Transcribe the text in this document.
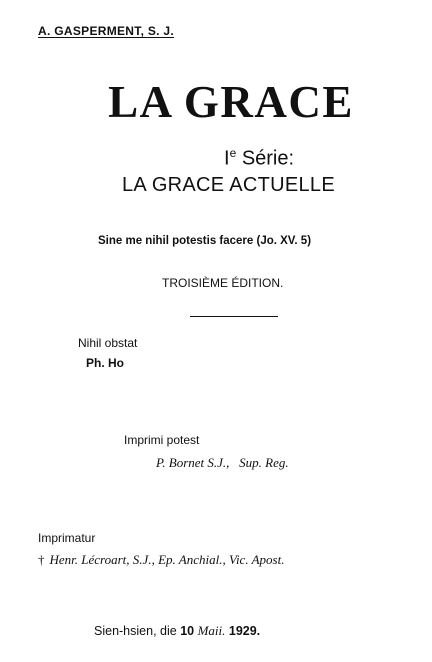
A. GASPERMENT, S. J.
LA GRACE
Ie Série:
LA GRACE ACTUELLE
Sine me nihil potestis facere (Jo. XV. 5)
TROISIÈME ÉDITION.
Nihil obstat
Ph. Ho
Imprimi potest
P. Bornet S.J., Sup. Reg.
Imprimatur
† Henr. Lécroart, S.J., Ep. Anchial., Vic. Apost.
Sien-hsien, die 10 Maii. 1929.
